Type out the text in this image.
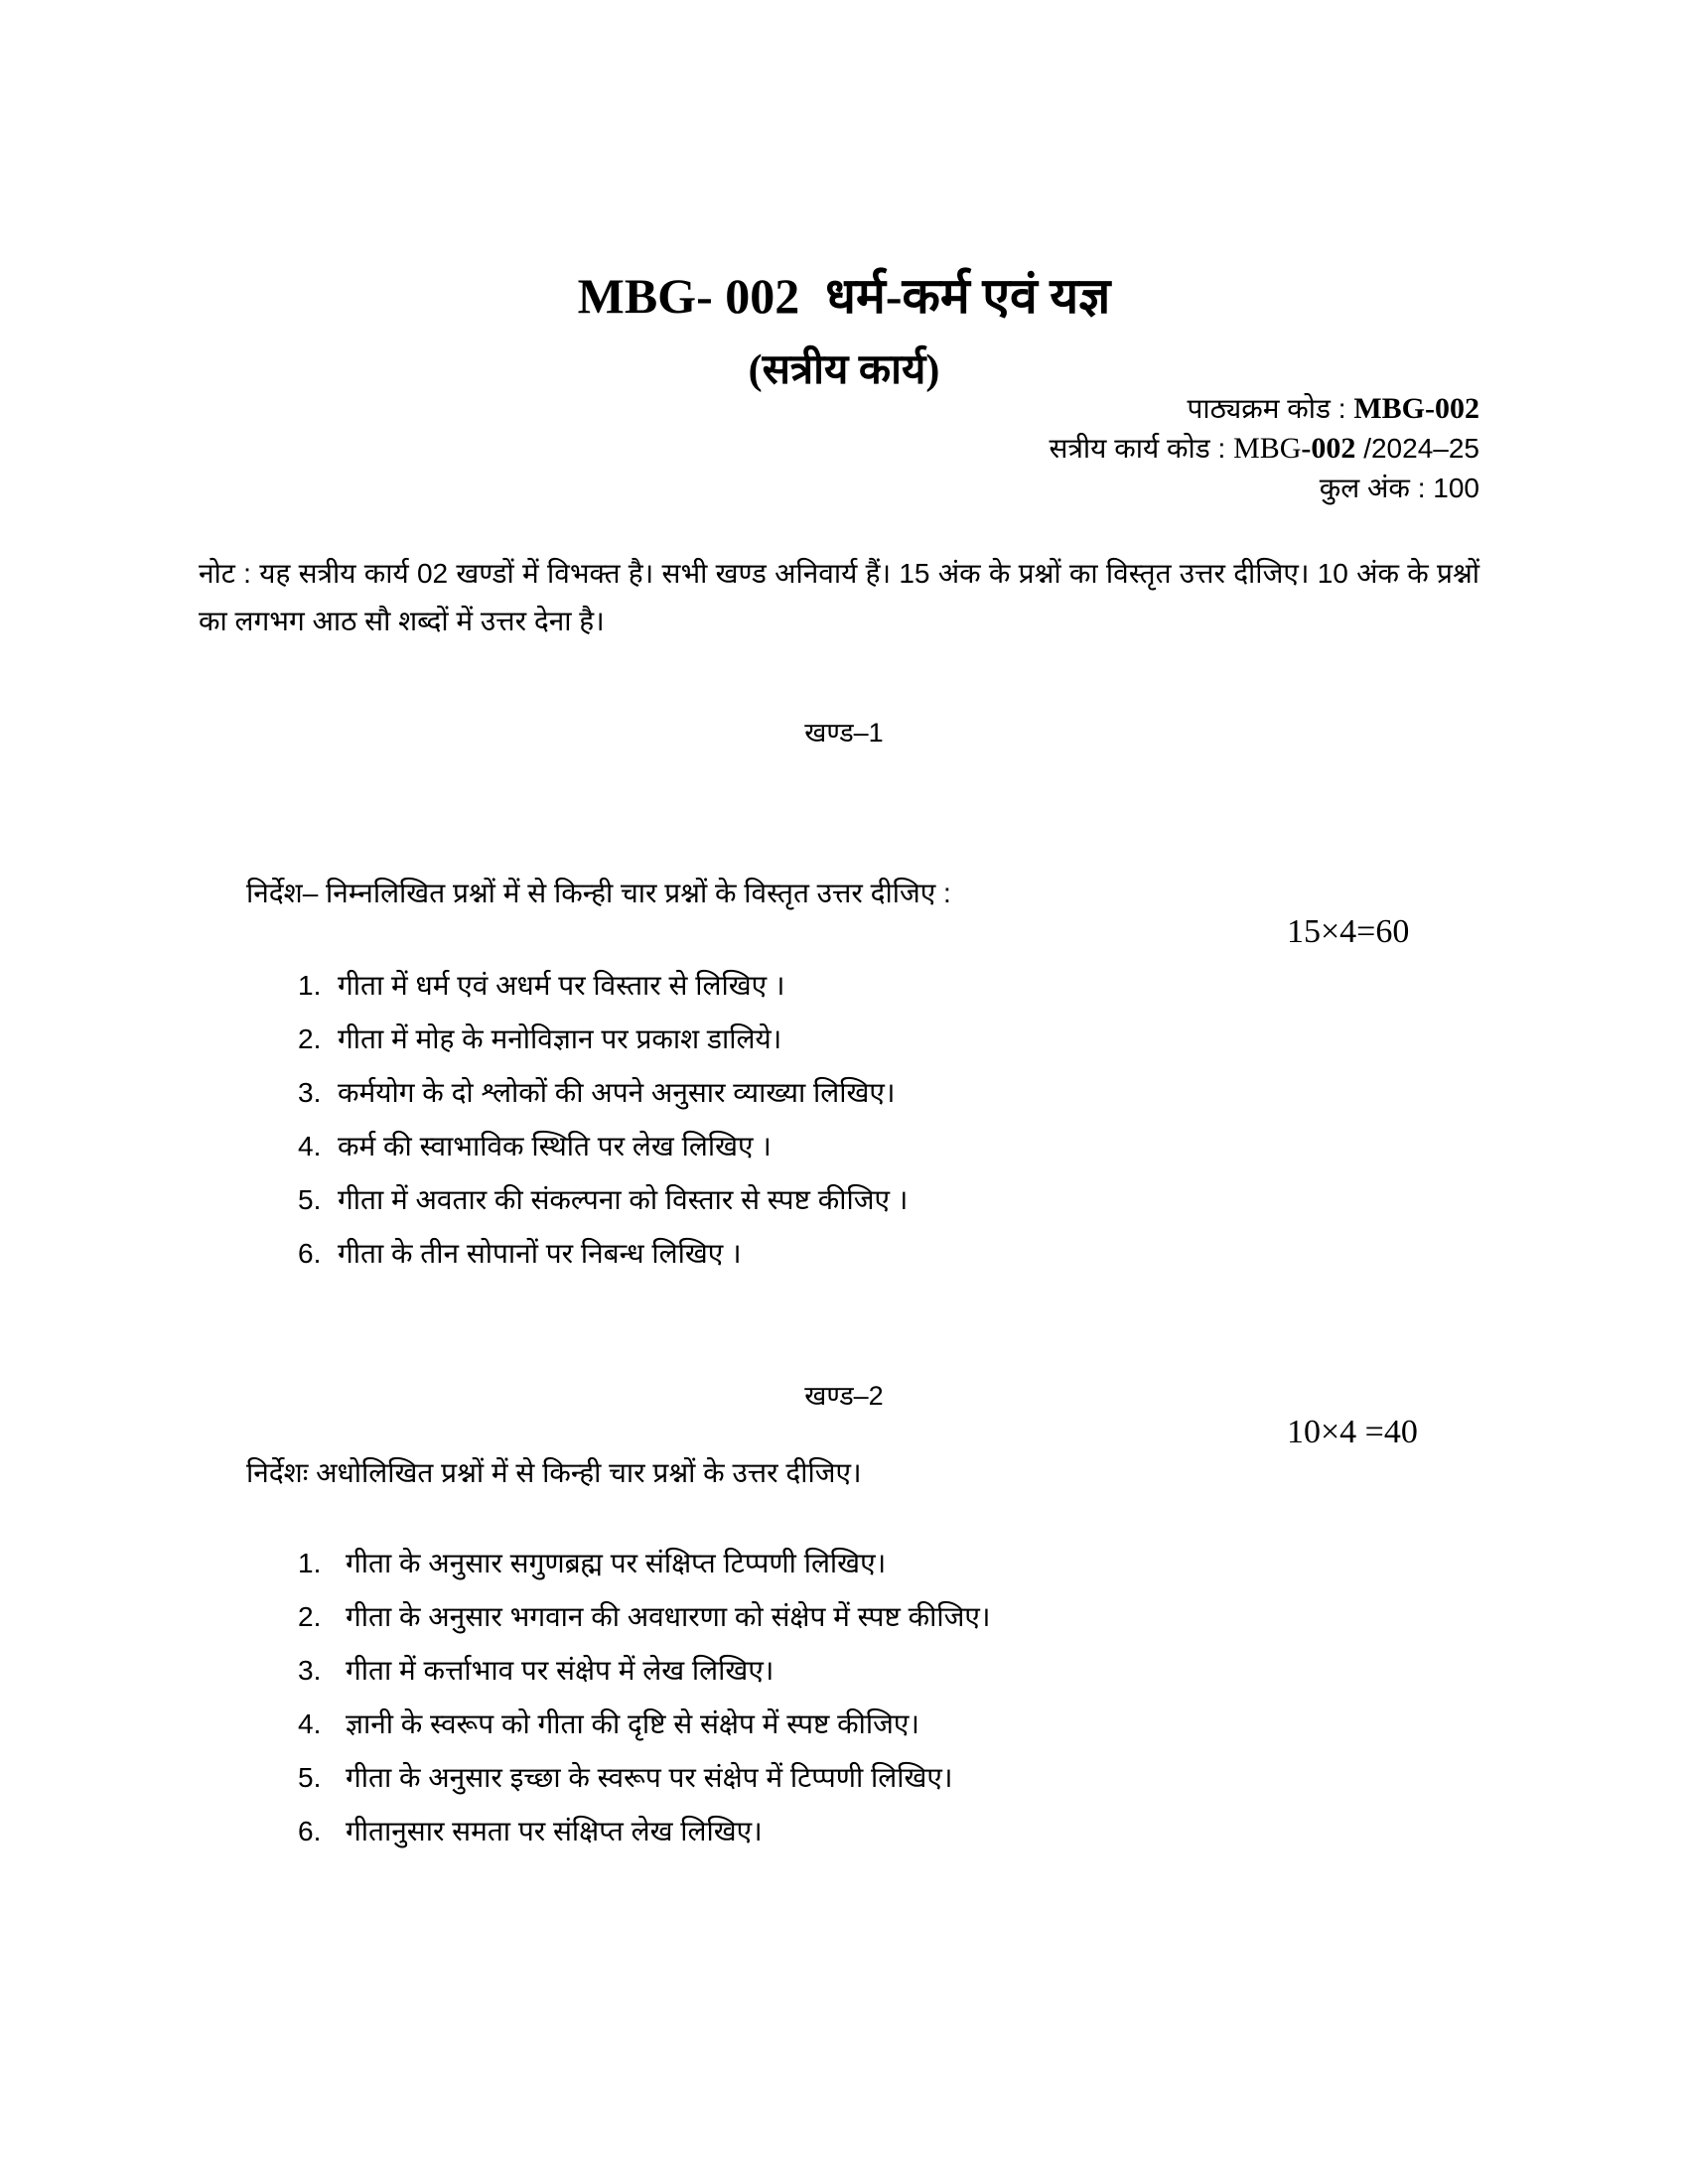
MBG- 002 धर्म-कर्म एवं यज्ञ
(सत्रीय कार्य)
पाठ्यक्रम कोड : MBG-002
सत्रीय कार्य कोड : MBG-002 /2024–25
कुल अंक : 100

नोट : यह सत्रीय कार्य 02 खण्डों में विभक्त है। सभी खण्ड अनिवार्य हैं। 15 अंक के प्रश्नों का विस्तृत उत्तर दीजिए। 10 अंक के प्रश्नों का लगभग आठ सौ शब्दों में उत्तर देना है।

खण्ड–1
निर्देश– निम्नलिखित प्रश्नों में से किन्ही चार प्रश्नों के विस्तृत उत्तर दीजिए :
15×4=60
1. गीता में धर्म एवं अधर्म पर विस्तार से लिखिए ।
2. गीता में मोह के मनोविज्ञान पर प्रकाश डालिये।
3. कर्मयोग के दो श्लोकों की अपने अनुसार व्याख्या लिखिए।
4. कर्म की स्वाभाविक स्थिति पर लेख लिखिए ।
5. गीता में अवतार की संकल्पना को विस्तार से स्पष्ट कीजिए ।
6. गीता के तीन सोपानों पर निबन्ध लिखिए ।
खण्ड–2
10×4 =40
निर्देशः अधोलिखित प्रश्नों में से किन्ही चार प्रश्नों के उत्तर दीजिए।
1. गीता के अनुसार सगुणब्रह्म पर संक्षिप्त टिप्पणी लिखिए।
2. गीता के अनुसार भगवान की अवधारणा को संक्षेप में स्पष्ट कीजिए।
3. गीता में कर्त्ताभाव पर संक्षेप में लेख लिखिए।
4. ज्ञानी के स्वरूप को गीता की दृष्टि से संक्षेप में स्पष्ट कीजिए।
5. गीता के अनुसार इच्छा के स्वरूप पर संक्षेप में टिप्पणी लिखिए।
6. गीतानुसार समता पर संक्षिप्त लेख लिखिए।
